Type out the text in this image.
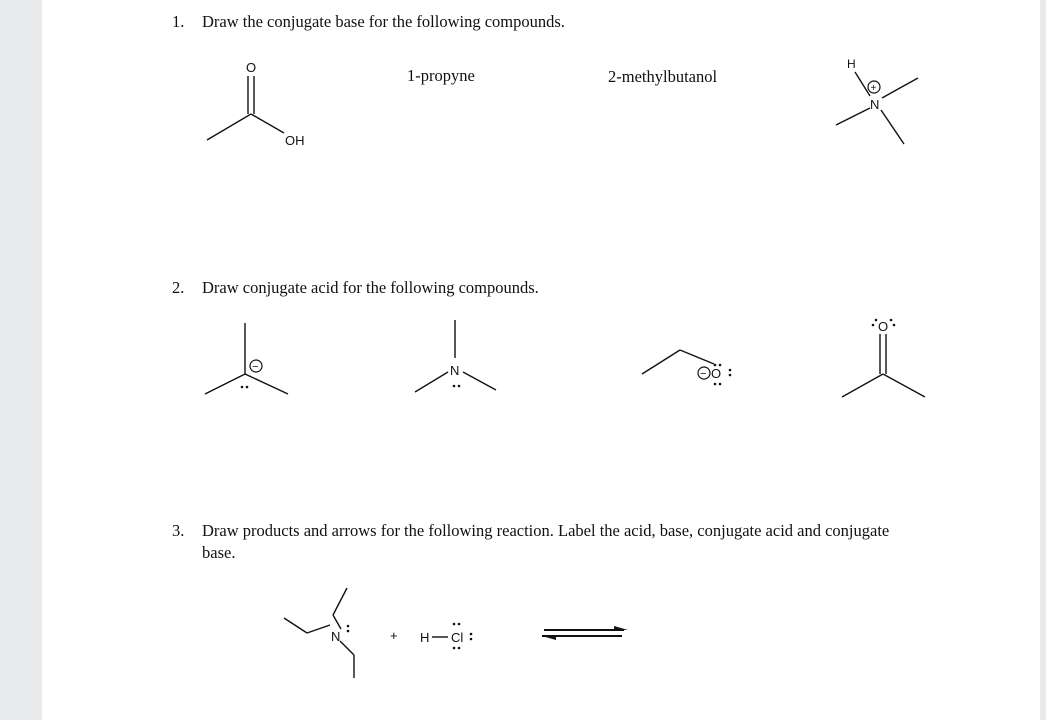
1. Draw the conjugate base for the following compounds.
O
OH
1-propyne	2-methylbutanol
H
+
N
2. Draw conjugate acid for the following compounds.
−	N	− O
O
3. Draw products and arrows for the following reaction. Label the acid, base, conjugate acid and conjugate base.
N	+ H Cl
